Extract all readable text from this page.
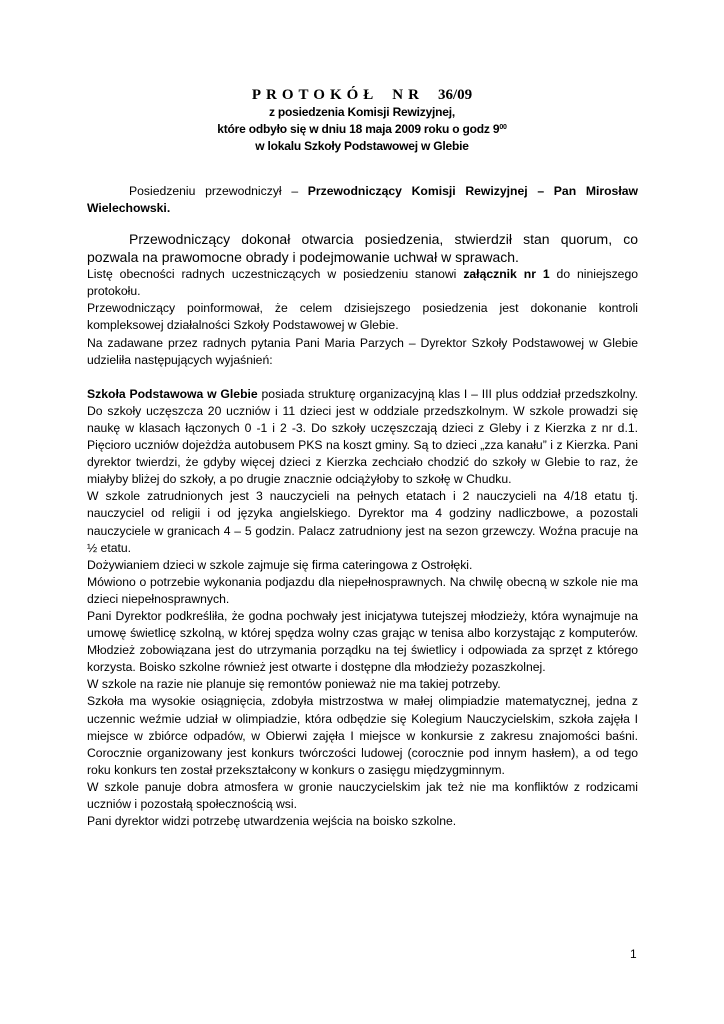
PROTOKÓŁ NR 36/09

z posiedzenia Komisji Rewizyjnej,

które odbyło się w dniu 18 maja 2009 roku o godz $9^{00}$

w lokalu Szkoły Podstawowej w Glebie

Posiedzeniu przewodniczył – Przewodniczący Komisji Rewizyjnej – Pan Mirosław Wielechowski.

Przewodniczący dokonał otwarcia posiedzenia, stwierdził stan quorum, co pozwala na prawomocne obrady i podejmowanie uchwał w sprawach.

Listę obecności radnych uczestniczących w posiedzeniu stanowi załącznik nr 1 do niniejszego protokołu.

Przewodniczący poinformował, że celem dzisiejszego posiedzenia jest dokonanie kontroli kompleksowej działalności Szkoły Podstawowej w Glebie.

Na zadawane przez radnych pytania Pani Maria Parzych – Dyrektor Szkoły Podstawowej w Glebie udzieliła następujących wyjaśnień:

Szkoła Podstawowa w Glebie posiada strukturę organizacyjną klas I – III plus oddział przedszkolny. Do szkoły uczęszcza 20 uczniów i 11 dzieci jest w oddziale przedszkolnym. W szkole prowadzi się naukę w klasach łączonych 0 -1 i 2 -3. Do szkoły uczęszczają dzieci z Gleby i z Kierzka z nr d.1. Pięcioro uczniów dojeżdża autobusem PKS na koszt gminy. Są to dzieci „zza kanału” i z Kierzka. Pani dyrektor twierdzi, że gdyby więcej dzieci z Kierzka zechciało chodzić do szkoły w Glebie to raz, że miałyby bliżej do szkoły, a po drugie znacznie odciążyłoby to szkołę w Chudku.

W szkole zatrudnionych jest 3 nauczycieli na pełnych etatach i 2 nauczycieli na 4/18 etatu tj. nauczyciel od religii i od języka angielskiego. Dyrektor ma 4 godziny nadliczbowe, a pozostali nauczyciele w granicach 4 – 5 godzin. Palacz zatrudniony jest na sezon grzewczy. Woźna pracuje na ½ etatu.

Dożywianiem dzieci w szkole zajmuje się firma cateringowa z Ostrołęki.

Mówiono o potrzebie wykonania podjazdu dla niepełnosprawnych. Na chwilę obecną w szkole nie ma dzieci niepełnosprawnych.

Pani Dyrektor podkreśliła, że godna pochwały jest inicjatywa tutejszej młodzieży, która wynajmuje na umowę świetlicę szkolną, w której spędza wolny czas grając w tenisa albo korzystając z komputerów. Młodzież zobowiązana jest do utrzymania porządku na tej świetlicy i odpowiada za sprzęt z którego korzysta. Boisko szkolne również jest otwarte i dostępne dla młodzieży pozaszkolnej.

W szkole na razie nie planuje się remontów ponieważ nie ma takiej potrzeby.

Szkoła ma wysokie osiągnięcia, zdobyła mistrzostwa w małej olimpiadzie matematycznej, jedna z uczennic weźmie udział w olimpiadzie, która odbędzie się Kolegium Nauczycielskim, szkoła zajęła I miejsce w zbiórce odpadów, w Obierwi zajęła I miejsce w konkursie z zakresu znajomości baśni. Corocznie organizowany jest konkurs twórczości ludowej (corocznie pod innym hasłem), a od tego roku konkurs ten został przekształcony w konkurs o zasięgu międzygminnym.

W szkole panuje dobra atmosfera w gronie nauczycielskim jak też nie ma konfliktów z rodzicami uczniów i pozostałą społecznością wsi.

Pani dyrektor widzi potrzebę utwardzenia wejścia na boisko szkolne.

1
